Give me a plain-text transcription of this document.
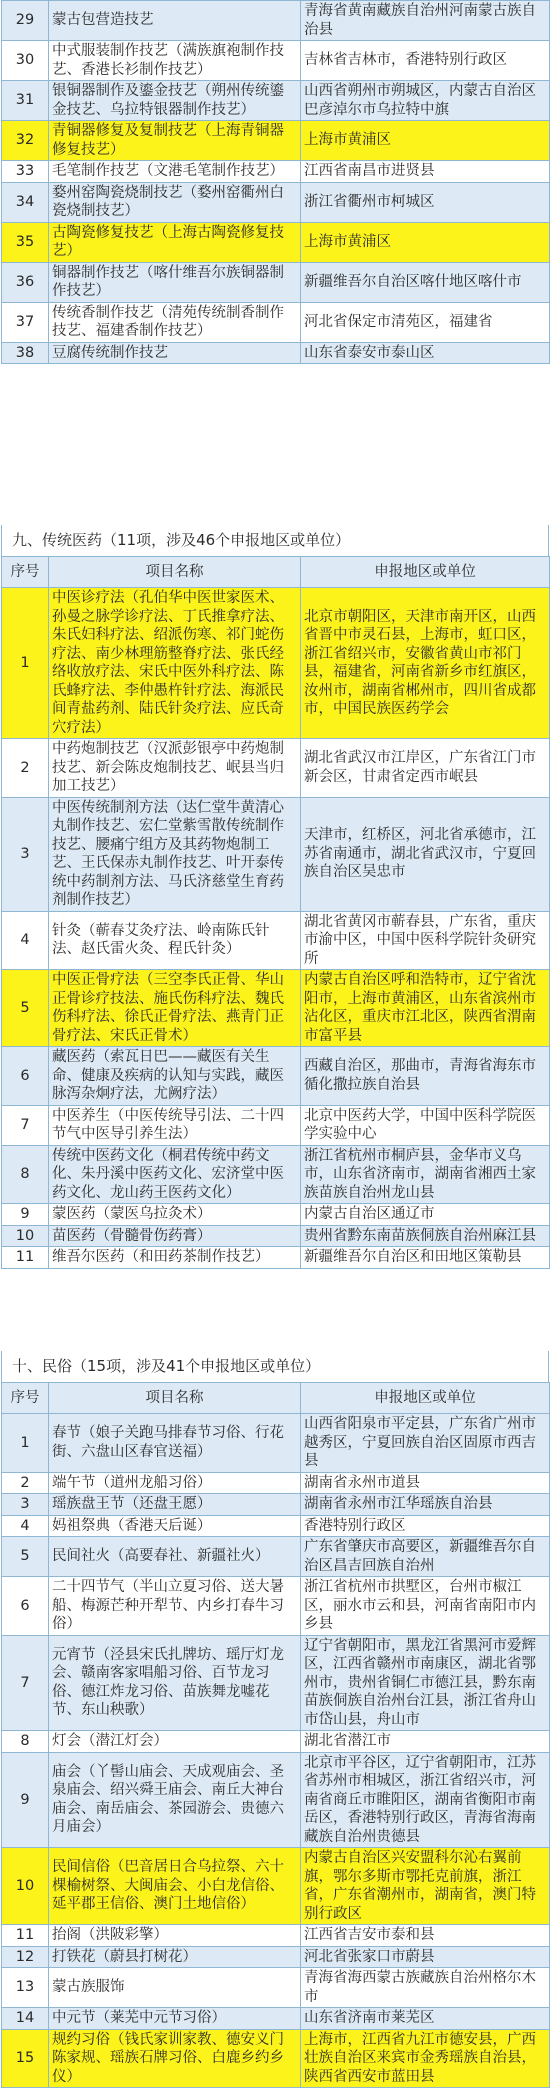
29	蒙古包营造技艺	青海省黄南藏族自治州河南蒙古族自治县
30	中式服装制作技艺（满族旗袍制作技艺、香港长衫制作技艺）	吉林省吉林市，香港特别行政区
31	银铜器制作及鎏金技艺（朔州传统鎏金技艺、乌拉特银器制作技艺）	山西省朔州市朔城区，内蒙古自治区巴彦淖尔市乌拉特中旗
32	青铜器修复及复制技艺（上海青铜器修复技艺）	上海市黄浦区
33	毛笔制作技艺（文港毛笔制作技艺）	江西省南昌市进贤县
34	婺州窑陶瓷烧制技艺（婺州窑衢州白瓷烧制技艺）	浙江省衢州市柯城区
35	古陶瓷修复技艺（上海古陶瓷修复技艺）	上海市黄浦区
36	铜器制作技艺（喀什维吾尔族铜器制作技艺）	新疆维吾尔自治区喀什地区喀什市
37	传统香制作技艺（清苑传统制香制作技艺、福建香制作技艺）	河北省保定市清苑区，福建省
38	豆腐传统制作技艺	山东省泰安市泰山区
九、传统医药（11项，涉及46个申报地区或单位）
序号	项目名称	申报地区或单位
1	中医诊疗法（孔伯华中医世家医术、孙曼之脉学诊疗法、丁氏推拿疗法、朱氏妇科疗法、绍派伤寒、祁门蛇伤疗法、南少林理筋整脊疗法、张氏经络收放疗法、宋氏中医外科疗法、陈氏蜂疗法、李仲愚杵针疗法、海派民间青盐药剂、陆氏针灸疗法、应氏奇穴疗法）	北京市朝阳区，天津市南开区，山西省晋中市灵石县，上海市，虹口区，浙江省绍兴市，安徽省黄山市祁门县，福建省，河南省新乡市红旗区，汝州市，湖南省郴州市，四川省成都市，中国民族医药学会
2	中药炮制技艺（汉派彭银亭中药炮制技艺、新会陈皮炮制技艺、岷县当归加工技艺）	湖北省武汉市江岸区，广东省江门市新会区，甘肃省定西市岷县
3	中医传统制剂方法（达仁堂牛黄清心丸制作技艺、宏仁堂紫雪散传统制作技艺、腰痛宁组方及其药物炮制工艺、王氏保赤丸制作技艺、叶开泰传统中药制剂方法、马氏济慈堂生育药剂制作技艺）	天津市，红桥区，河北省承德市，江苏省南通市，湖北省武汉市，宁夏回族自治区吴忠市
4	针灸（蕲春艾灸疗法、岭南陈氏针法、赵氏雷火灸、程氏针灸）	湖北省黄冈市蕲春县，广东省，重庆市渝中区，中国中医科学院针灸研究所
5	中医正骨疗法（三空李氏正骨、华山正骨诊疗技法、施氏伤科疗法、魏氏伤科疗法、徐氏正骨疗法、燕青门正骨疗法、宋氏正骨术）	内蒙古自治区呼和浩特市，辽宁省沈阳市，上海市黄浦区，山东省滨州市沾化区，重庆市江北区，陕西省渭南市富平县
6	藏医药（索瓦日巴——藏医有关生命、健康及疾病的认知与实践，藏医脉泻杂炯疗法，尤阙疗法）	西藏自治区，那曲市，青海省海东市循化撒拉族自治县
7	中医养生（中医传统导引法、二十四节气中医导引养生法）	北京中医药大学，中国中医科学院医学实验中心
8	传统中医药文化（桐君传统中药文化、朱丹溪中医药文化、宏济堂中医药文化、龙山药王医药文化）	浙江省杭州市桐庐县，金华市义乌市，山东省济南市，湖南省湘西土家族苗族自治州龙山县
9	蒙医药（蒙医乌拉灸术）	内蒙古自治区通辽市
10	苗医药（骨髓骨伤药膏）	贵州省黔东南苗族侗族自治州麻江县
11	维吾尔医药（和田药茶制作技艺）	新疆维吾尔自治区和田地区策勒县
十、民俗（15项，涉及41个申报地区或单位）
序号	项目名称	申报地区或单位
1	春节（娘子关跑马排春节习俗、行花街、六盘山区春官送福）	山西省阳泉市平定县，广东省广州市越秀区，宁夏回族自治区固原市西吉县
2	端午节（道州龙船习俗）	湖南省永州市道县
3	瑶族盘王节（还盘王愿）	湖南省永州市江华瑶族自治县
4	妈祖祭典（香港天后诞）	香港特别行政区
5	民间社火（高要春社、新疆社火）	广东省肇庆市高要区，新疆维吾尔自治区昌吉回族自治州
6	二十四节气（半山立夏习俗、送大暑船、梅源芒种开犁节、内乡打春牛习俗）	浙江省杭州市拱墅区，台州市椒江区，丽水市云和县，河南省南阳市内乡县
7	元宵节（泾县宋氏扎牌坊、瑶厅灯龙会、赣南客家唱船习俗、百节龙习俗、德江炸龙习俗、苗族舞龙嘘花节、东山秧歌）	辽宁省朝阳市，黑龙江省黑河市爱辉区，江西省赣州市南康区，湖北省鄂州市，贵州省铜仁市德江县，黔东南苗族侗族自治州台江县，浙江省舟山市岱山县，舟山市
8	灯会（潜江灯会）	湖北省潜江市
9	庙会（丫髻山庙会、天成观庙会、圣泉庙会、绍兴舜王庙会、南丘大神台庙会、南岳庙会、茶园游会、贵德六月庙会）	北京市平谷区，辽宁省朝阳市，江苏省苏州市相城区，浙江省绍兴市，河南省商丘市睢阳区，湖南省衡阳市南岳区，香港特别行政区，青海省海南藏族自治州贵德县
10	民间信俗（巴音居日合乌拉祭、六十棵榆树祭、大闽庙会、小白龙信俗、延平郡王信俗、澳门土地信俗）	内蒙古自治区兴安盟科尔沁右翼前旗，鄂尔多斯市鄂托克前旗，浙江省，广东省潮州市，湖南省，澳门特别行政区
11	抬阁（洪陂彩擎）	江西省吉安市泰和县
12	打铁花（蔚县打树花）	河北省张家口市蔚县
13	蒙古族服饰	青海省海西蒙古族藏族自治州格尔木市
14	中元节（莱芜中元节习俗）	山东省济南市莱芜区
15	规约习俗（钱氏家训家教、德安义门陈家规、瑶族石牌习俗、白鹿乡约乡仪）	上海市，江西省九江市德安县，广西壮族自治区来宾市金秀瑶族自治县，陕西省西安市蓝田县
